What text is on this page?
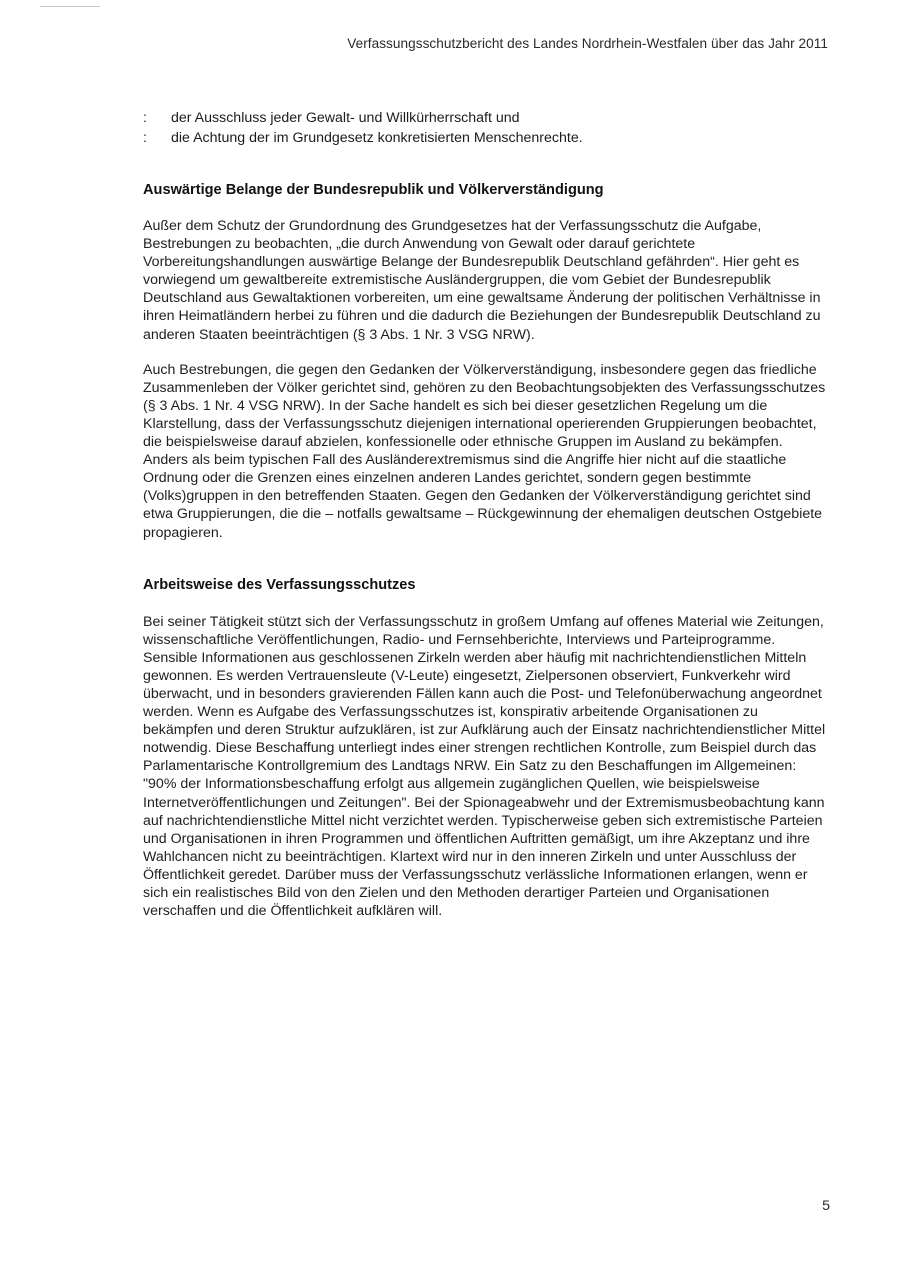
Verfassungsschutzbericht des Landes Nordrhein-Westfalen über das Jahr 2011
:	der Ausschluss jeder Gewalt- und Willkürherrschaft und
:	die Achtung der im Grundgesetz konkretisierten Menschenrechte.
Auswärtige Belange der Bundesrepublik und Völkerverständigung

Außer dem Schutz der Grundordnung des Grundgesetzes hat der Verfassungsschutz die Aufgabe, Bestrebungen zu beobachten, „die durch Anwendung von Gewalt oder darauf gerichtete Vorbereitungshandlungen auswärtige Belange der Bundesrepublik Deutschland gefährden“. Hier geht es vorwiegend um gewaltbereite extremistische Ausländergruppen, die vom Gebiet der Bundesrepublik Deutschland aus Gewaltaktionen vorbereiten, um eine gewaltsame Änderung der politischen Verhältnisse in ihren Heimatländern herbei zu führen und die dadurch die Beziehungen der Bundesrepublik Deutschland zu anderen Staaten beeinträchtigen (§ 3 Abs. 1 Nr. 3 VSG NRW).

Auch Bestrebungen, die gegen den Gedanken der Völkerverständigung, insbesondere gegen das friedliche Zusammenleben der Völker gerichtet sind, gehören zu den Beobachtungsobjekten des Verfassungsschutzes (§ 3 Abs. 1 Nr. 4 VSG NRW). In der Sache handelt es sich bei dieser gesetzlichen Regelung um die Klarstellung, dass der Verfassungsschutz diejenigen international operierenden Gruppierungen beobachtet, die beispielsweise darauf abzielen, konfessionelle oder ethnische Gruppen im Ausland zu bekämpfen. Anders als beim typischen Fall des Ausländerextremismus sind die Angriffe hier nicht auf die staatliche Ordnung oder die Grenzen eines einzelnen anderen Landes gerichtet, sondern gegen bestimmte (Volks)gruppen in den betreffenden Staaten. Gegen den Gedanken der Völkerverständigung gerichtet sind etwa Gruppierungen, die die – notfalls gewaltsame – Rückgewinnung der ehemaligen deutschen Ostgebiete propagieren.

Arbeitsweise des Verfassungsschutzes

Bei seiner Tätigkeit stützt sich der Verfassungsschutz in großem Umfang auf offenes Material wie Zeitungen, wissenschaftliche Veröffentlichungen, Radio- und Fernsehberichte, Interviews und Parteiprogramme. Sensible Informationen aus geschlossenen Zirkeln werden aber häufig mit nachrichtendienstlichen Mitteln gewonnen. Es werden Vertrauensleute (V-Leute) eingesetzt, Zielpersonen observiert, Funkverkehr wird überwacht, und in besonders gravierenden Fällen kann auch die Post- und Telefonüberwachung angeordnet werden. Wenn es Aufgabe des Verfassungsschutzes ist, konspirativ arbeitende Organisationen zu bekämpfen und deren Struktur aufzuklären, ist zur Aufklärung auch der Einsatz nachrichtendienstlicher Mittel notwendig. Diese Beschaffung unterliegt indes einer strengen rechtlichen Kontrolle, zum Beispiel durch das Parlamentarische Kontrollgremium des Landtags NRW. Ein Satz zu den Beschaffungen im Allgemeinen: "90% der Informationsbeschaffung erfolgt aus allgemein zugänglichen Quellen, wie beispielsweise Internetveröffentlichungen und Zeitungen". Bei der Spionageabwehr und der Extremismusbeobachtung kann auf nachrichtendienstliche Mittel nicht verzichtet werden. Typischerweise geben sich extremistische Parteien und Organisationen in ihren Programmen und öffentlichen Auftritten gemäßigt, um ihre Akzeptanz und ihre Wahlchancen nicht zu beeinträchtigen. Klartext wird nur in den inneren Zirkeln und unter Ausschluss der Öffentlichkeit geredet. Darüber muss der Verfassungsschutz verlässliche Informationen erlangen, wenn er sich ein realistisches Bild von den Zielen und den Methoden derartiger Parteien und Organisationen verschaffen und die Öffentlichkeit aufklären will.

5
